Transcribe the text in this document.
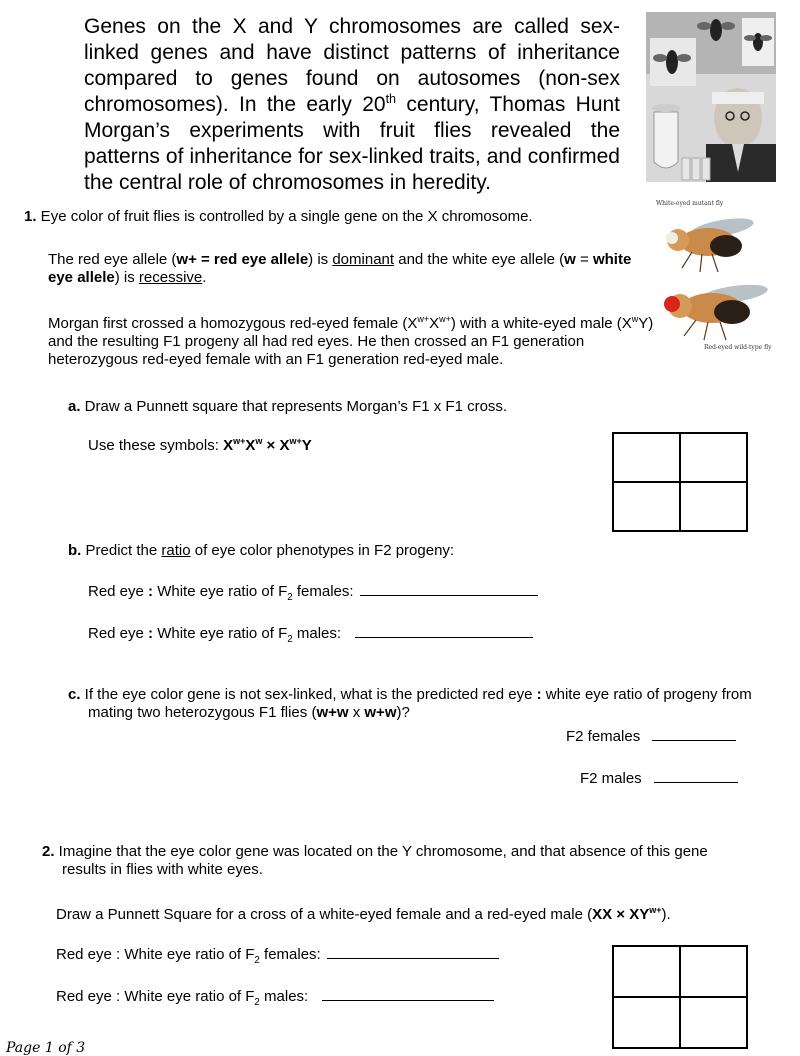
Genes on the X and Y chromosomes are called sex-linked genes and have distinct patterns of inheritance compared to genes found on autosomes (non-sex chromosomes). In the early 20th century, Thomas Hunt Morgan’s experiments with fruit flies revealed the patterns of inheritance for sex-linked traits, and confirmed the central role of chromosomes in heredity.
White-eyed mutant fly
Red-eyed wild-type fly
1. Eye color of fruit flies is controlled by a single gene on the X chromosome.
The red eye allele (w+ = red eye allele) is dominant and the white eye allele (w = white eye allele) is recessive.
Morgan first crossed a homozygous red-eyed female $(X^{w+}X^{w+})$ with a white-eyed male $(X^wY)$ and the resulting F1 progeny all had red eyes. He then crossed an F1 generation heterozygous red-eyed female with an F1 generation red-eyed male.
a. Draw a Punnett square that represents Morgan’s F1 x F1 cross.
Use these symbols: $X^{w+}X^w \times X^{w+}Y$
b. Predict the ratio of eye color phenotypes in F2 progeny:
Red eye : White eye ratio of $F_2$ females:
Red eye : White eye ratio of $F_2$ males:
c. If the eye color gene is not sex-linked, what is the predicted red eye : white eye ratio of progeny from mating two heterozygous F1 flies (w+w x w+w)?
F2 females
F2 males
2. Imagine that the eye color gene was located on the Y chromosome, and that absence of this gene results in flies with white eyes.
Draw a Punnett Square for a cross of a white-eyed female and a red-eyed male $(XX \times XY^{w+})$.
Red eye : White eye ratio of $F_2$ females:
Red eye : White eye ratio of $F_2$ males:
Page 1 of 3
